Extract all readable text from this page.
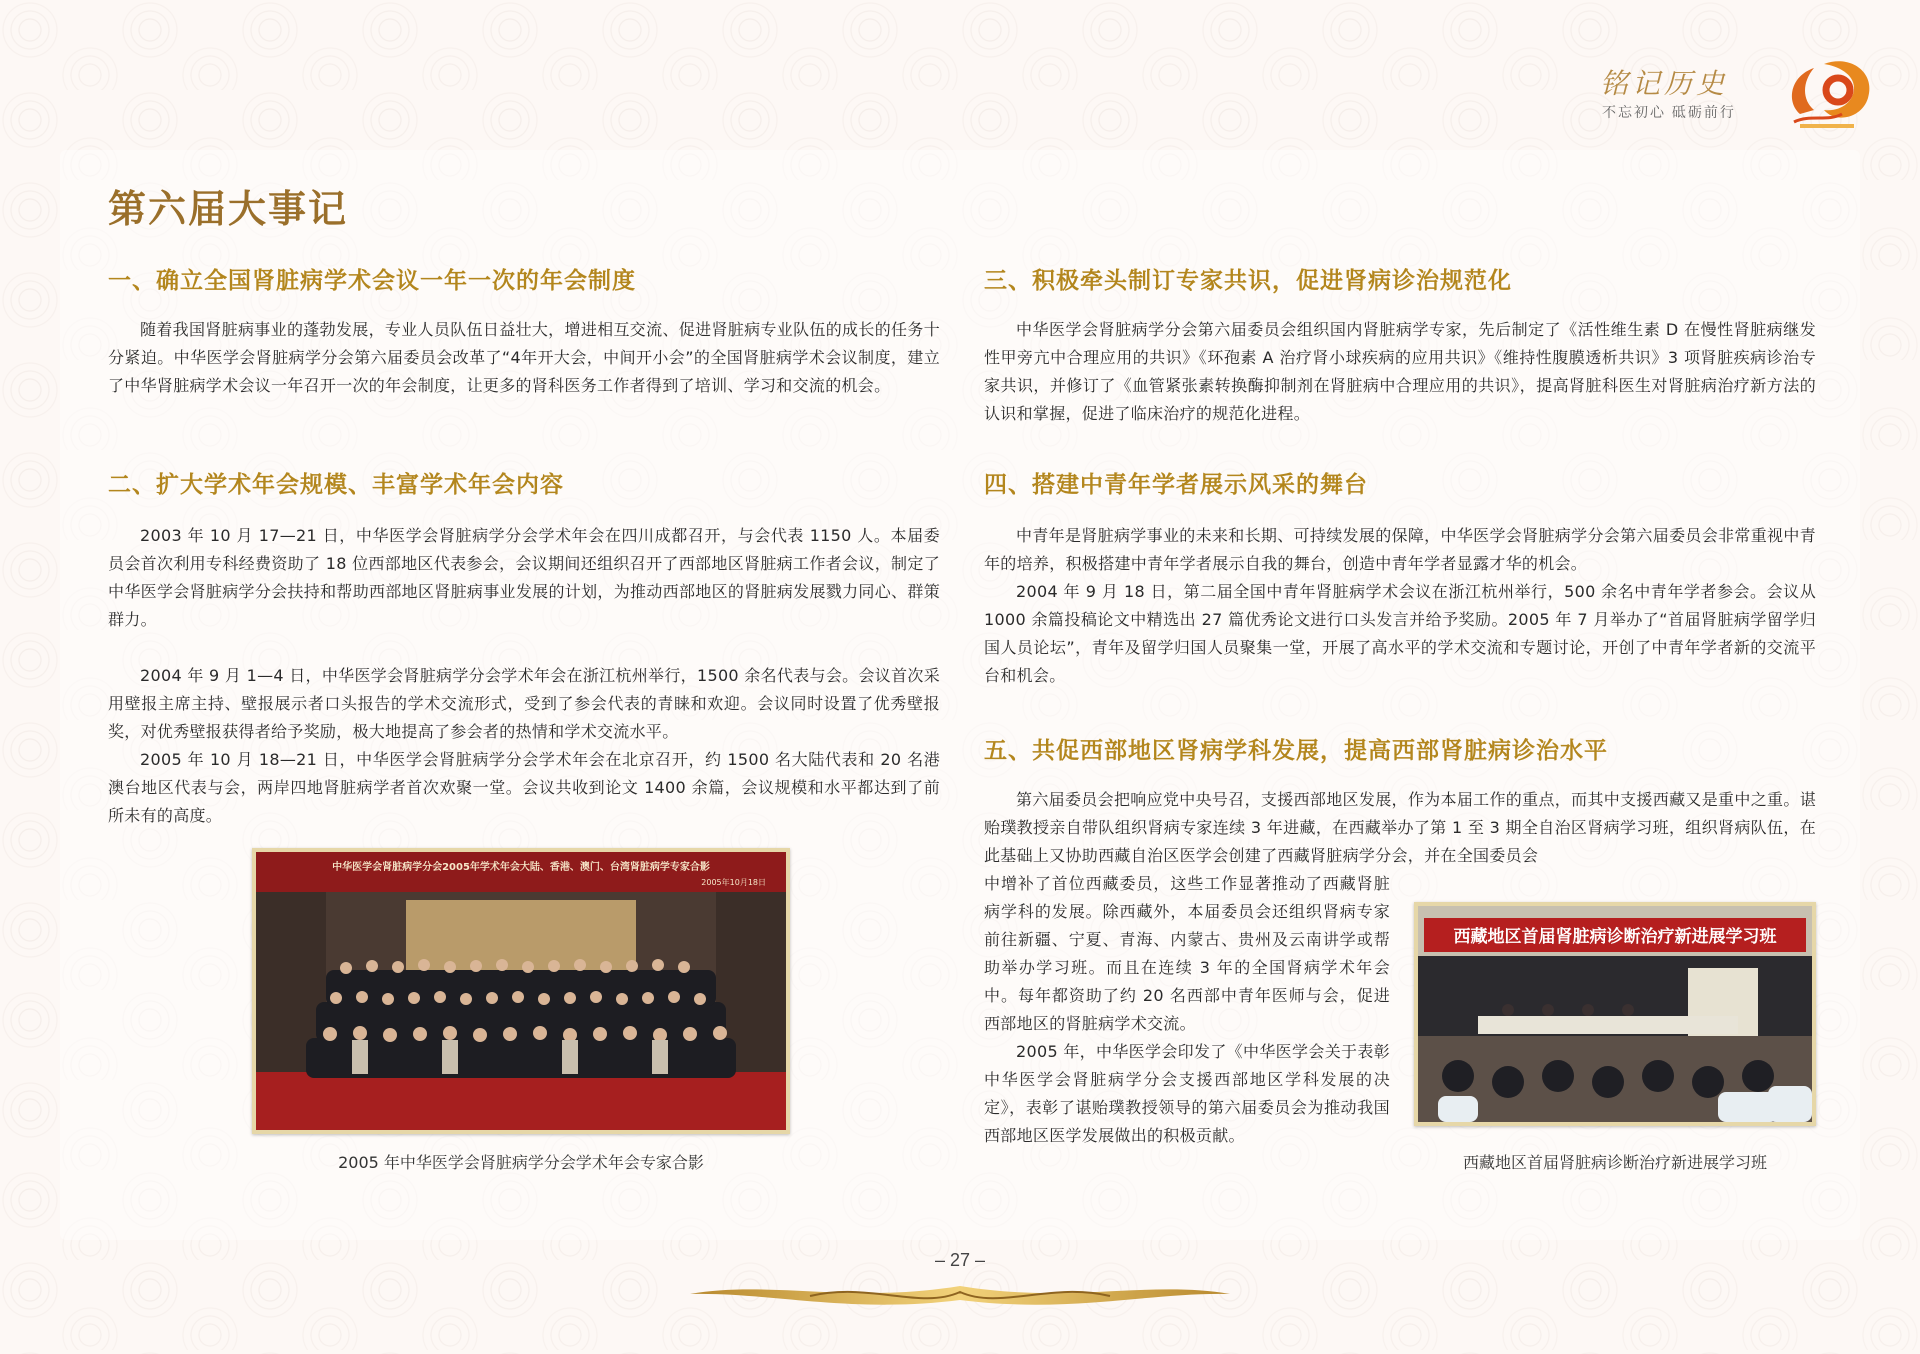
铭记历史
不忘初心 砥砺前行
第六届大事记
一、确立全国肾脏病学术会议一年一次的年会制度

随着我国肾脏病事业的蓬勃发展，专业人员队伍日益壮大，增进相互交流、促进肾脏病专业队伍的成长的任务十分紧迫。中华医学会肾脏病学分会第六届委员会改革了“4年开大会，中间开小会”的全国肾脏病学术会议制度，建立了中华肾脏病学术会议一年召开一次的年会制度，让更多的肾科医务工作者得到了培训、学习和交流的机会。

二、扩大学术年会规模、丰富学术年会内容

2003 年 10 月 17—21 日，中华医学会肾脏病学分会学术年会在四川成都召开，与会代表 1150 人。本届委员会首次利用专科经费资助了 18 位西部地区代表参会，会议期间还组织召开了西部地区肾脏病工作者会议，制定了中华医学会肾脏病学分会扶持和帮助西部地区肾脏病事业发展的计划，为推动西部地区的肾脏病发展戮力同心、群策群力。

2004 年 9 月 1—4 日，中华医学会肾脏病学分会学术年会在浙江杭州举行，1500 余名代表与会。会议首次采用壁报主席主持、壁报展示者口头报告的学术交流形式，受到了参会代表的青睐和欢迎。会议同时设置了优秀壁报奖，对优秀壁报获得者给予奖励，极大地提高了参会者的热情和学术交流水平。

2005 年 10 月 18—21 日，中华医学会肾脏病学分会学术年会在北京召开，约 1500 名大陆代表和 20 名港澳台地区代表与会，两岸四地肾脏病学者首次欢聚一堂。会议共收到论文 1400 余篇，会议规模和水平都达到了前所未有的高度。

中华医学会肾脏病学分会2005年学术年会大陆、香港、澳门、台湾肾脏病学专家合影
2005年10月18日
2005 年中华医学会肾脏病学分会学术年会专家合影
三、积极牵头制订专家共识，促进肾病诊治规范化

中华医学会肾脏病学分会第六届委员会组织国内肾脏病学专家，先后制定了《活性维生素 D 在慢性肾脏病继发性甲旁亢中合理应用的共识》《环孢素 A 治疗肾小球疾病的应用共识》《维持性腹膜透析共识》3 项肾脏疾病诊治专家共识，并修订了《血管紧张素转换酶抑制剂在肾脏病中合理应用的共识》，提高肾脏科医生对肾脏病治疗新方法的认识和掌握，促进了临床治疗的规范化进程。

四、搭建中青年学者展示风采的舞台

中青年是肾脏病学事业的未来和长期、可持续发展的保障，中华医学会肾脏病学分会第六届委员会非常重视中青年的培养，积极搭建中青年学者展示自我的舞台，创造中青年学者显露才华的机会。

2004 年 9 月 18 日，第二届全国中青年肾脏病学术会议在浙江杭州举行，500 余名中青年学者参会。会议从 1000 余篇投稿论文中精选出 27 篇优秀论文进行口头发言并给予奖励。2005 年 7 月举办了“首届肾脏病学留学归国人员论坛”，青年及留学归国人员聚集一堂，开展了高水平的学术交流和专题讨论，开创了中青年学者新的交流平台和机会。

五、共促西部地区肾病学科发展，提高西部肾脏病诊治水平

第六届委员会把响应党中央号召，支援西部地区发展，作为本届工作的重点，而其中支援西藏又是重中之重。谌贻璞教授亲自带队组织肾病专家连续 3 年进藏，在西藏举办了第 1 至 3 期全自治区肾病学习班，组织肾病队伍，在此基础上又协助西藏自治区医学会创建了西藏肾脏病学分会，并在全国委员会

中增补了首位西藏委员，这些工作显著推动了西藏肾脏病学科的发展。除西藏外，本届委员会还组织肾病专家前往新疆、宁夏、青海、内蒙古、贵州及云南讲学或帮助举办学习班。而且在连续 3 年的全国肾病学术年会中。每年都资助了约 20 名西部中青年医师与会，促进西部地区的肾脏病学术交流。

2005 年，中华医学会印发了《中华医学会关于表彰中华医学会肾脏病学分会支援西部地区学科发展的决定》，表彰了谌贻璞教授领导的第六届委员会为推动我国西部地区医学发展做出的积极贡献。

西藏地区首届肾脏病诊断治疗新进展学习班
西藏地区首届肾脏病诊断治疗新进展学习班
– 27 –
